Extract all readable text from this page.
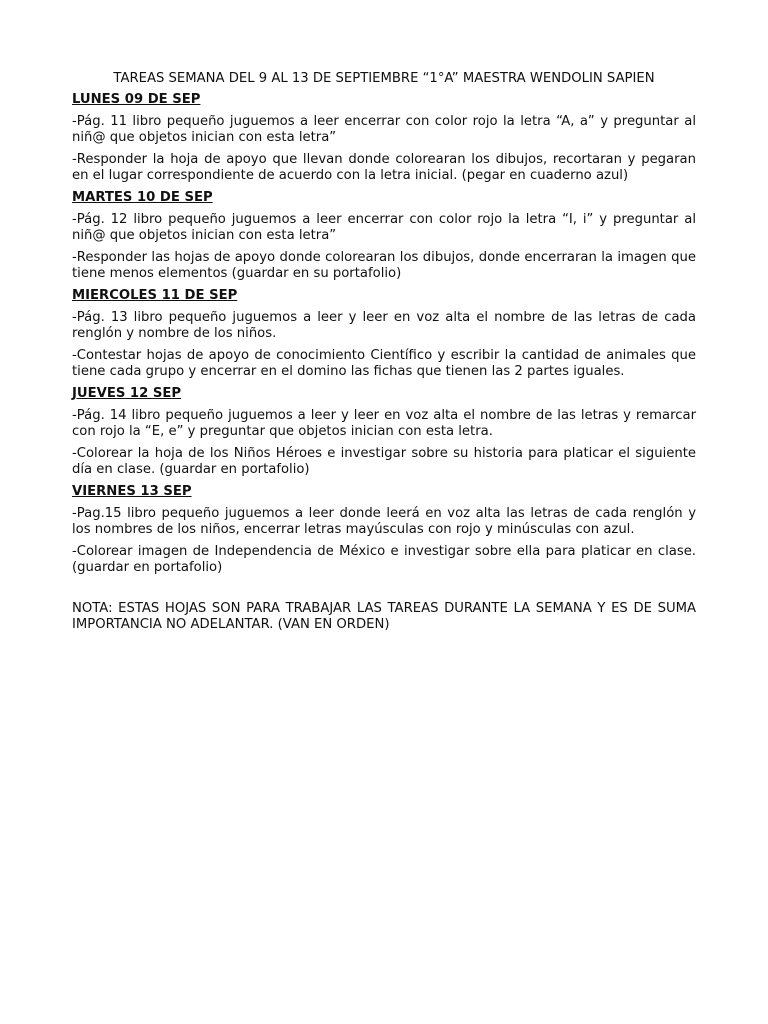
TAREAS SEMANA DEL 9 AL 13 DE SEPTIEMBRE “1°A” MAESTRA WENDOLIN SAPIEN
LUNES 09 DE SEP

-Pág. 11 libro pequeño juguemos a leer encerrar con color rojo la letra “A, a” y preguntar al niñ@ que objetos inician con esta letra”

-Responder la hoja de apoyo que llevan donde colorearan los dibujos, recortaran y pegaran en el lugar correspondiente de acuerdo con la letra inicial. (pegar en cuaderno azul)

MARTES 10 DE SEP

-Pág. 12 libro pequeño juguemos a leer encerrar con color rojo la letra “I, i” y preguntar al niñ@ que objetos inician con esta letra”

-Responder las hojas de apoyo donde colorearan los dibujos, donde encerraran la imagen que tiene menos elementos (guardar en su portafolio)

MIERCOLES 11 DE SEP

-Pág. 13 libro pequeño juguemos a leer y leer en voz alta el nombre de las letras de cada renglón y nombre de los niños.

-Contestar hojas de apoyo de conocimiento Científico y escribir la cantidad de animales que tiene cada grupo y encerrar en el domino las fichas que tienen las 2 partes iguales.

JUEVES 12 SEP

-Pág. 14 libro pequeño juguemos a leer y leer en voz alta el nombre de las letras y remarcar con rojo la “E, e” y preguntar que objetos inician con esta letra.

-Colorear la hoja de los Niños Héroes e investigar sobre su historia para platicar el siguiente día en clase. (guardar en portafolio)

VIERNES 13 SEP

-Pag.15 libro pequeño juguemos a leer donde leerá en voz alta las letras de cada renglón y los nombres de los niños, encerrar letras mayúsculas con rojo y minúsculas con azul.

-Colorear imagen de Independencia de México e investigar sobre ella para platicar en clase. (guardar en portafolio)

NOTA: ESTAS HOJAS SON PARA TRABAJAR LAS TAREAS DURANTE LA SEMANA Y ES DE SUMA IMPORTANCIA NO ADELANTAR. (VAN EN ORDEN)
